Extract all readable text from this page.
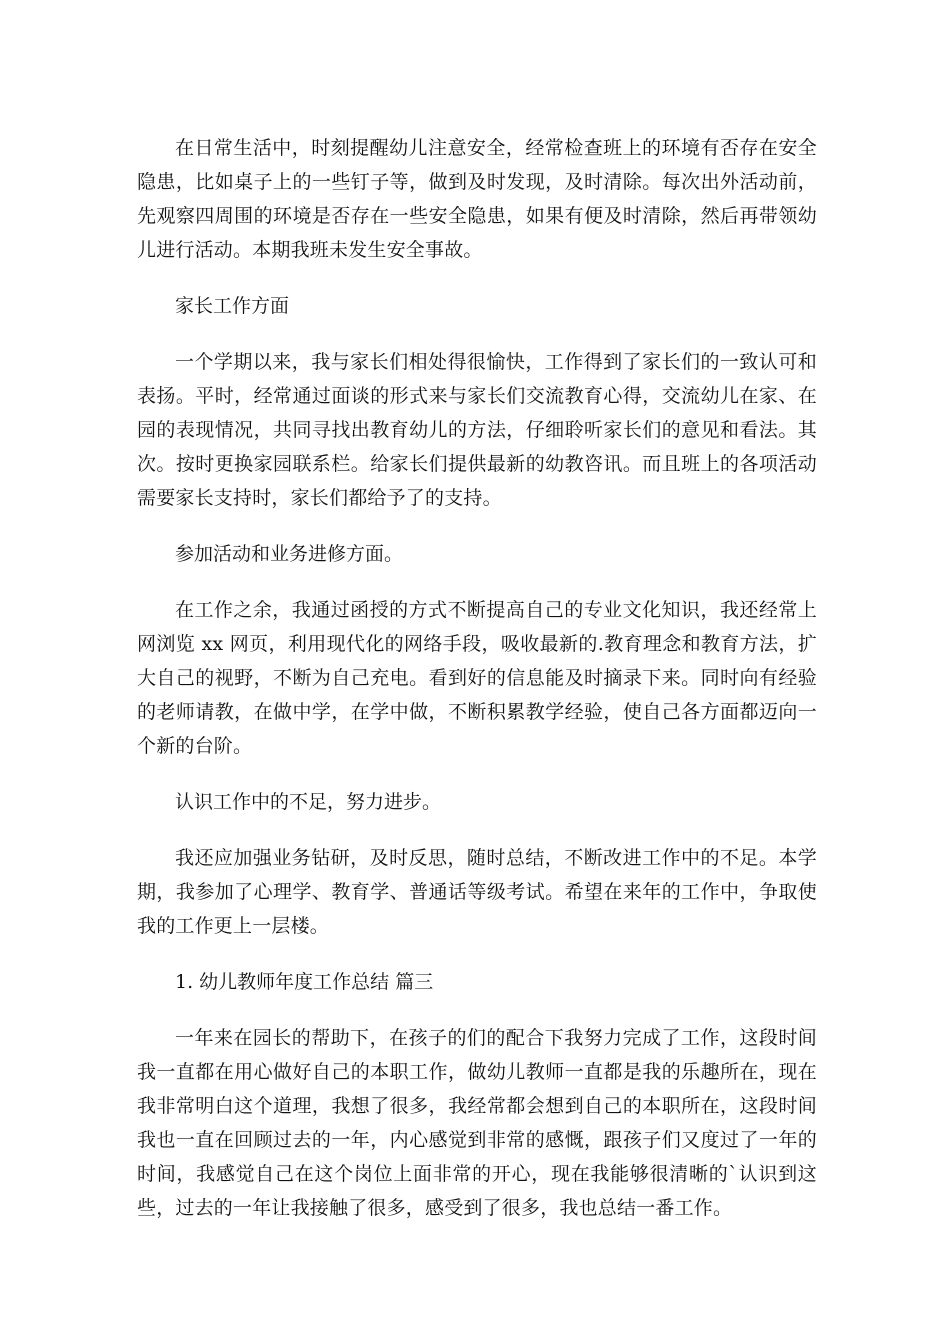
在日常生活中，时刻提醒幼儿注意安全，经常检查班上的环境有否存在安全隐患，比如桌子上的一些钉子等，做到及时发现，及时清除。每次出外活动前，先观察四周围的环境是否存在一些安全隐患，如果有便及时清除，然后再带领幼儿进行活动。本期我班未发生安全事故。

家长工作方面

一个学期以来，我与家长们相处得很愉快，工作得到了家长们的一致认可和表扬。平时，经常通过面谈的形式来与家长们交流教育心得，交流幼儿在家、在园的表现情况，共同寻找出教育幼儿的方法，仔细聆听家长们的意见和看法。其次。按时更换家园联系栏。给家长们提供最新的幼教咨讯。而且班上的各项活动需要家长支持时，家长们都给予了的支持。

参加活动和业务进修方面。

在工作之余，我通过函授的方式不断提高自己的专业文化知识，我还经常上网浏览 xx 网页，利用现代化的网络手段，吸收最新的.教育理念和教育方法，扩大自己的视野，不断为自己充电。看到好的信息能及时摘录下来。同时向有经验的老师请教，在做中学，在学中做，不断积累教学经验，使自己各方面都迈向一个新的台阶。

认识工作中的不足，努力进步。

我还应加强业务钻研，及时反思，随时总结，不断改进工作中的不足。本学期，我参加了心理学、教育学、普通话等级考试。希望在来年的工作中，争取使我的工作更上一层楼。

1. 幼儿教师年度工作总结 篇三

一年来在园长的帮助下，在孩子的们的配合下我努力完成了工作，这段时间我一直都在用心做好自己的本职工作，做幼儿教师一直都是我的乐趣所在，现在我非常明白这个道理，我想了很多，我经常都会想到自己的本职所在，这段时间我也一直在回顾过去的一年，内心感觉到非常的感慨，跟孩子们又度过了一年的时间，我感觉自己在这个岗位上面非常的开心，现在我能够很清晰的`认识到这些，过去的一年让我接触了很多，感受到了很多，我也总结一番工作。
